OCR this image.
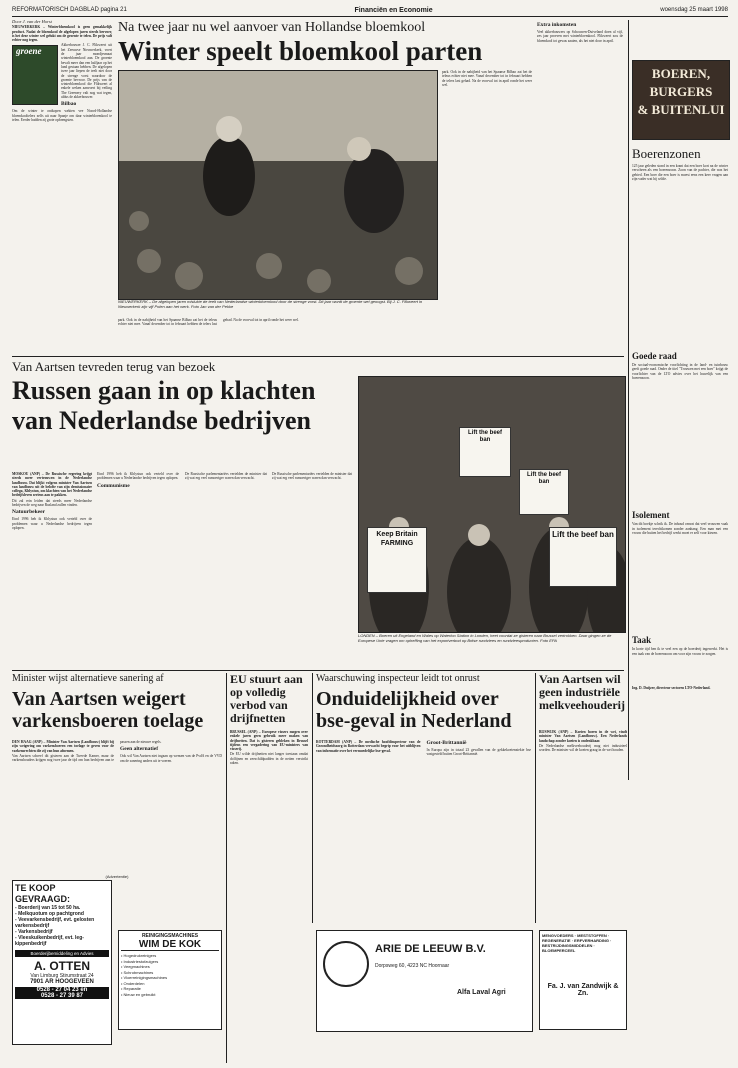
REFORMATORISCH DAGBLAD pagina 21	Financiën en Economie	woensdag 25 maart 1998

Door J. van der Horst

NIEUWERKERK – Winterbloemkool is geen gemakkelijk product. Nadat de bloemkool de afgelopen jaren steeds bervoer, is het deze winter wel gelukt om de groente te telen. De prijs valt echter nog tegen.

groene

Akkerbouwer J. C. Flikweert uit het Zeeuwse Nieuwerkerk, voert de jaar mondjesmaat winterbloemkool aan. De groente bevalt meer dan een halfjaar op het land gestaan hebben. De afgelopen twee jaar liepen de teelt niet door de strenge vorst waardoor de groente bevroor. De prijs van de winterbloemkool die Flikweert al enkele weken aanvoert bij veiling The Greenery valt nog wat tegen, aldus de akkerbouwer.

Bilbao

Om de winter te ontkopen wekten vee Noord-Hollandse bloemkooltelers zelfs uit naar Spanje om daar winterbloemkool te telen. Eerder hadden zij grote opbrengsten.

Na twee jaar nu wel aanvoer van Hollandse bloemkool
Winter speelt bloemkool parten
NIEUWERKERK – De afgelopen jaren mislukte de teelt van Nederlandse winterbloemkool door de strenge vorst. Dit jaar wordt de groente wel geoogst. Bij J. C. Flikweert in Nieuwerkerk zijn vijf Polen aan het werk. Foto Jan van der Pekke

park. Ook in de nabijheid van het Spaanse Bilbao zat het de teleus echter niet mee. Vanaf december tot in februari hebben de telers last gehad. Na de voorval tot in april ronde het weer wel.

Extra inkomsten

Veel akkerbouwers op Schouwen-Duiveland doen al vijf, zes jaar proeven met winterbloemkool. Flikweert zou de bloemkool tot gewas zaaien, als het niet door in april.

park. Ook in de nabijheid van het Spaanse Bilbao zat het de teleus echter niet mee. Vanaf december tot in februari hebben de telers last gehad. Na de voorval tot in april ronde het weer wel.

BOEREN,
BURGERS
& BUITENLUI
Boerenzonen

125 jaar geleden stond in een krant dat een boer kort na de winter verscheen als een boerenzoon. Zoon van de pachter, die was het gebied. Een boer die een boer is moest eens een keer vragen aan zijn vader wat hij wilde.

Goede raad

De sociaal-economische voorlichting in de land- en tuinbouw geeft goede raad. Onder de titel "Trouwen met een boer" krijgt de voorlichter van de LTO advies over het huwelijk van een boerenzoon.

Isolement

Van dit boekje schrik ik. De inhoud omvat dat veel vrouwen vaak in isolement terechtkomen zonder aanhang. Een man met een vrouw die buiten het bedrijf werkt moet er zelf voor kiezen.

Taak

In korte tijd ben ik te veel een op de boerderij ingewerkt. Het is een taak van de boerenzoon om voor zijn vrouw te zorgen.

Ing. D. Duijzer, directeur sectoren LTO-Nederland.

Van Aartsen tevreden terug van bezoek
Russen gaan in op klachten van Nederlandse bedrijven

MOSKOU (ANP) – De Russische regering krijgt steeds meer vertrouwen in de Nederlandse landbouw. Dat blijkt volgens minister Van Aartsen van landbouw uit de belofte van zijn demissionaire collega, Khlystun, om klachten van het Nederlandse bedrijfsleven serieus aan te pakken.

Dit zal erin leiden dat steeds meer Nederlandse bedrijven de weg naar Rusland zullen vinden.

Natuurbekeer

Eind 1996 heb ik Khlystun ook verteld over de problemen waar u Nederlandse bedrijven tegen oplopen.

Eind 1996 heb ik Khlystun ook verteld over de problemen waar u Nederlandse bedrijven tegen oplopen.

Communisme

De Russische parlementariërs vertelden de minister dat zij wat erg veel rumoeriger waren dan verwacht.

De Russische parlementariërs vertelden de minister dat zij wat erg veel rumoeriger waren dan verwacht.

Lift the beef ban
Lift the beef ban
Keep Britain FARMING
Lift the beef ban
LONDEN – Boeren uit Engeland en Wales op Waterloo Station in Londen, heet voordat ze gisteren naar Brussel vertrokken. Daar gingen ze de Europese Unie vragen om opheffing van het exportverbod op Britse rundvlees en rundvleesproducten. Foto EPA
Minister wijst alternatieve sanering af
Van Aartsen weigert varkensboeren toelage

DEN HAAG (ANP) – Minister Van Aartsen (Landbouw) blijft bij zijn weigering om varkensboeren een toelage te geven voor de varkensrechten die zij van hun afnemen.

Van Aartsen schreef dit gisteren aan de Tweede Kamer, maar de varkenshouders krijgen nog twee jaar de tijd om hun bedrijven aan te passen aan de nieuwe regels.

Geen alternatief

Ook wil Van Aartsen niet ingaan op wensen van de PvdA en de VVD om de sanering anders uit te voeren.

EU stuurt aan op volledig verbod van drijfnetten

BRUSSEL (ANP) – Europese vissers mogen over enkele jaren geen gebruik meer maken van drijfnetten. Dat is gisteren gebleken in Brussel tijdens een vergadering van EU-ministers van visserij.

De EU wilde drijfnetten niet langer toestaan omdat dolfijnen en zeeschildpadden in de netten verstrikt raken.

Waarschuwing inspecteur leidt tot onrust
Onduidelijkheid over bse-geval in Nederland

ROTTERDAM (ANP) – De medische hoofdinspecteur van de Gezondheidszorg in Rotterdam verwacht begrip voor het uitblijven van informatie over het vermoedelijke bse-geval.

Groot-Brittannië

In Europa zijn in totaal 23 gevallen van de gekkekoeienziekte bse vastgesteld buiten Groot-Brittannië.

Van Aartsen wil geen industriële melkveehouderij

BIJSWIJK (ANP) – Koeien horen in de wei, vindt minister Van Aartsen (Landbouw). Een Nederlands landschap zonder koeien is ondenkbaar.

De Nederlandse melkveehouderij mag niet industrieel worden. De minister wil de koeien graag in de wei houden.

(Advertentie)
TE KOOP GEVRAAGD:
- Boerderij van 15 tot 50 ha.
- Melkquotum op pachtgrond
- Veevarkensbedrijf, evt. gelosten varkensbedrijf
- Varkensbedrijf
- Vleeskuikenbedrijf, evt. leg-kippenbedrijf
Boerderijbemiddeling en Advies
A. OTTEN
Van Limburg Stirumstraat 24
7901 AR HOOGEVEEN
0528 - 27 04 23 en
0528 - 27 39 87
REINIGINGSMACHINES
WIM DE KOK
• Hogedrukreinigers
• Industriestofzuigers
• Veegmachines
• Schrobmachines
• Vloerreinigingsmachines
• Onderdelen
• Reparatie
• Nieuw en gebruikt
ARIE DE LEEUW B.V.
Dorpsweg 60, 4223 NC Hoornaar
Alfa Laval Agri
MENGVOEDERS · MESTSTOFFEN · REGENERATIE · ERFVERHARDING · BESTRIJDINGSMIDDELEN · BLOEMPERCEEL
Fa. J. van Zandwijk & Zn.
